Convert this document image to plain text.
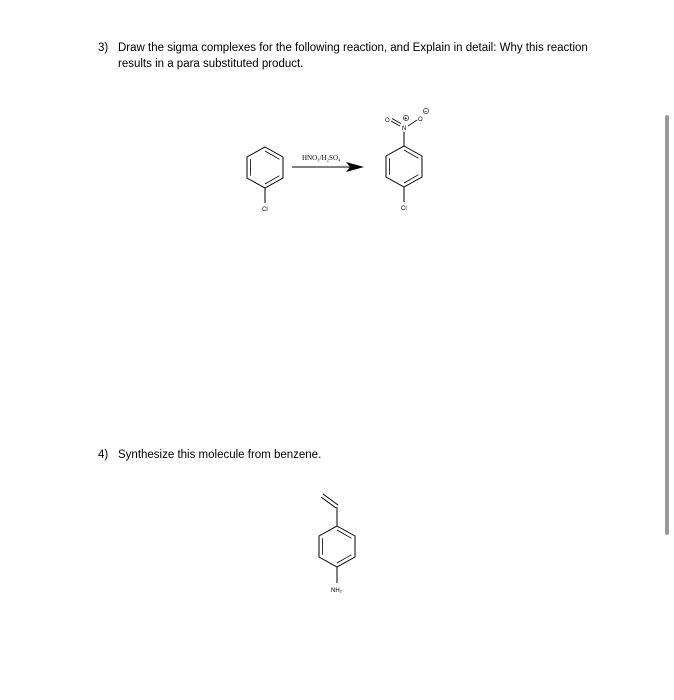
3) Draw the sigma complexes for the following reaction, and Explain in detail: Why this reaction
results in a para substituted product.
Cl
HNO₃/H₂SO₄
Cl
N
O	O
+
−
4) Synthesize this molecule from benzene.
NH₂
